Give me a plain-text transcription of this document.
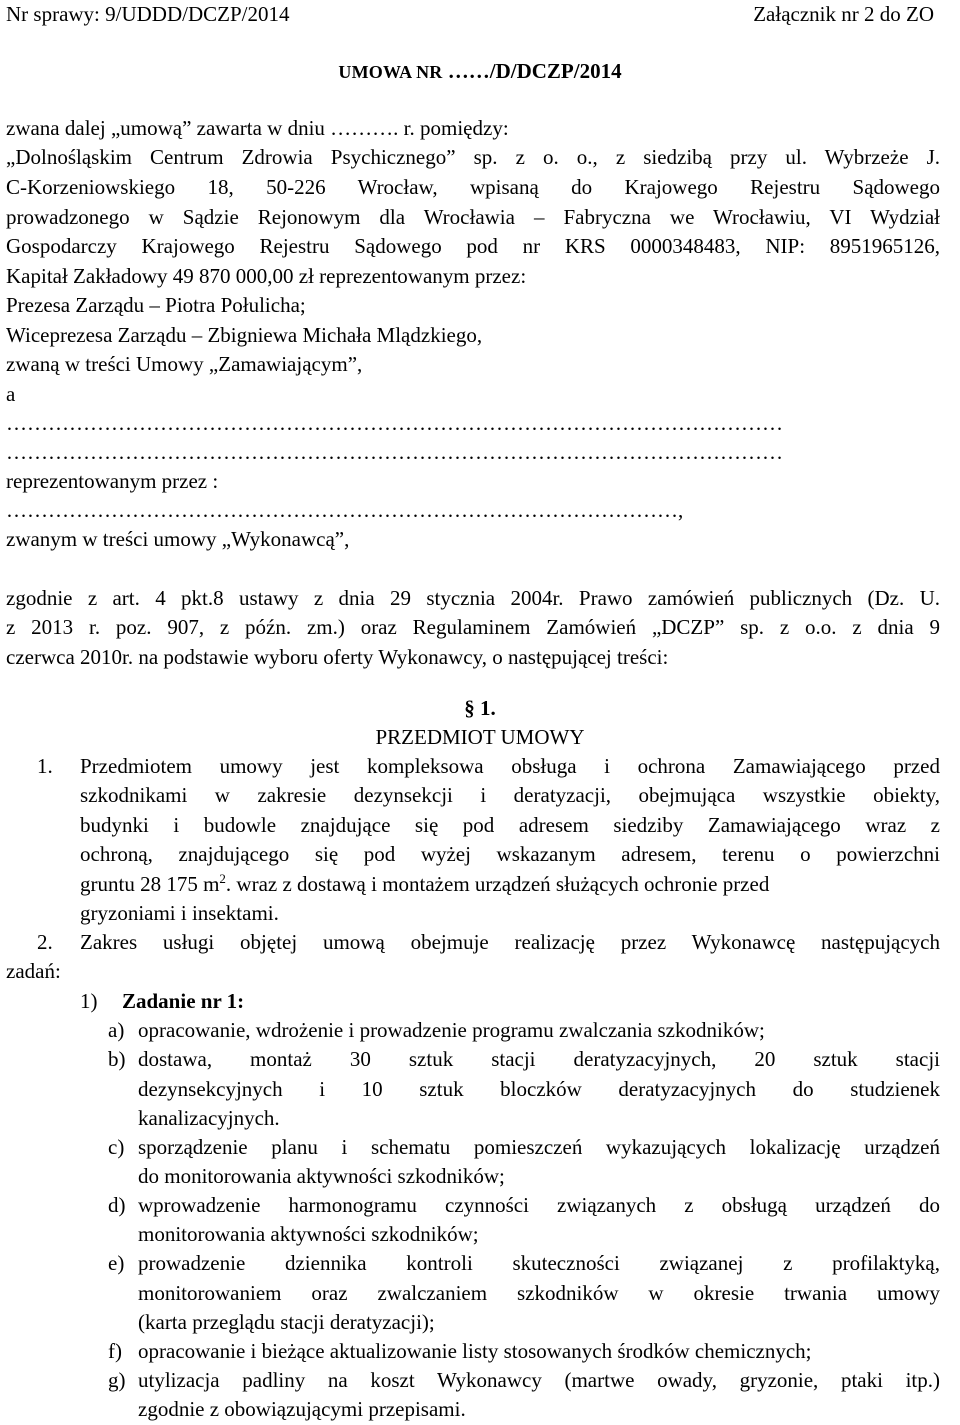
Nr sprawy: 9/UDDD/DCZP/2014	Załącznik nr 2 do ZO
UMOWA NR ……/D/DCZP/2014
zwana dalej „umową” zawarta w dniu ………. r. pomiędzy:
„Dolnośląskim Centrum Zdrowia Psychicznego” sp. z o. o., z siedzibą przy ul. Wybrzeże J.
C-Korzeniowskiego 18, 50-226 Wrocław, wpisaną do Krajowego Rejestru Sądowego
prowadzonego w Sądzie Rejonowym dla Wrocławia – Fabryczna we Wrocławiu, VI Wydział
Gospodarczy Krajowego Rejestru Sądowego pod nr KRS 0000348483, NIP: 8951965126,
Kapitał Zakładowy 49 870 000,00 zł reprezentowanym przez:
Prezesa Zarządu – Piotra Połulicha;
Wiceprezesa Zarządu – Zbigniewa Michała Mlądzkiego,
zwaną w treści Umowy „Zamawiającym”,
a
…………………………………………………………………………………………………
…………………………………………………………………………………………………
reprezentowanym przez :
……………………………………………………………………………………,
zwanym w treści umowy „Wykonawcą”,
zgodnie z art. 4 pkt.8 ustawy z dnia 29 stycznia 2004r. Prawo zamówień publicznych (Dz. U.
z 2013 r. poz. 907, z późn. zm.) oraz Regulaminem Zamówień „DCZP” sp. z o.o. z dnia 9
czerwca 2010r. na podstawie wyboru oferty Wykonawcy, o następującej treści:
§ 1.
PRZEDMIOT UMOWY
1. Przedmiotem umowy jest kompleksowa obsługa i ochrona Zamawiającego przed
szkodnikami w zakresie dezynsekcji i deratyzacji, obejmująca wszystkie obiekty,
budynki i budowle znajdujące się pod adresem siedziby Zamawiającego wraz z
ochroną, znajdującego się pod wyżej wskazanym adresem, terenu o powierzchni
gruntu 28 175 $m^2$. wraz z dostawą i montażem urządzeń służących ochronie przed
gryzoniami i insektami.
2. Zakres usługi objętej umową obejmuje realizację przez Wykonawcę następujących
zadań:
1) Zadanie nr 1:
a) opracowanie, wdrożenie i prowadzenie programu zwalczania szkodników;
b) dostawa, montaż 30 sztuk stacji deratyzacyjnych, 20 sztuk stacji
dezynsekcyjnych i 10 sztuk bloczków deratyzacyjnych do studzienek
kanalizacyjnych.
c) sporządzenie planu i schematu pomieszczeń wykazujących lokalizację urządzeń
do monitorowania aktywności szkodników;
d) wprowadzenie harmonogramu czynności związanych z obsługą urządzeń do
monitorowania aktywności szkodników;
e) prowadzenie dziennika kontroli skuteczności związanej z profilaktyką,
monitorowaniem oraz zwalczaniem szkodników w okresie trwania umowy
(karta przeglądu stacji deratyzacji);
f) opracowanie i bieżące aktualizowanie listy stosowanych środków chemicznych;
g) utylizacja padliny na koszt Wykonawcy (martwe owady, gryzonie, ptaki itp.)
zgodnie z obowiązującymi przepisami.
